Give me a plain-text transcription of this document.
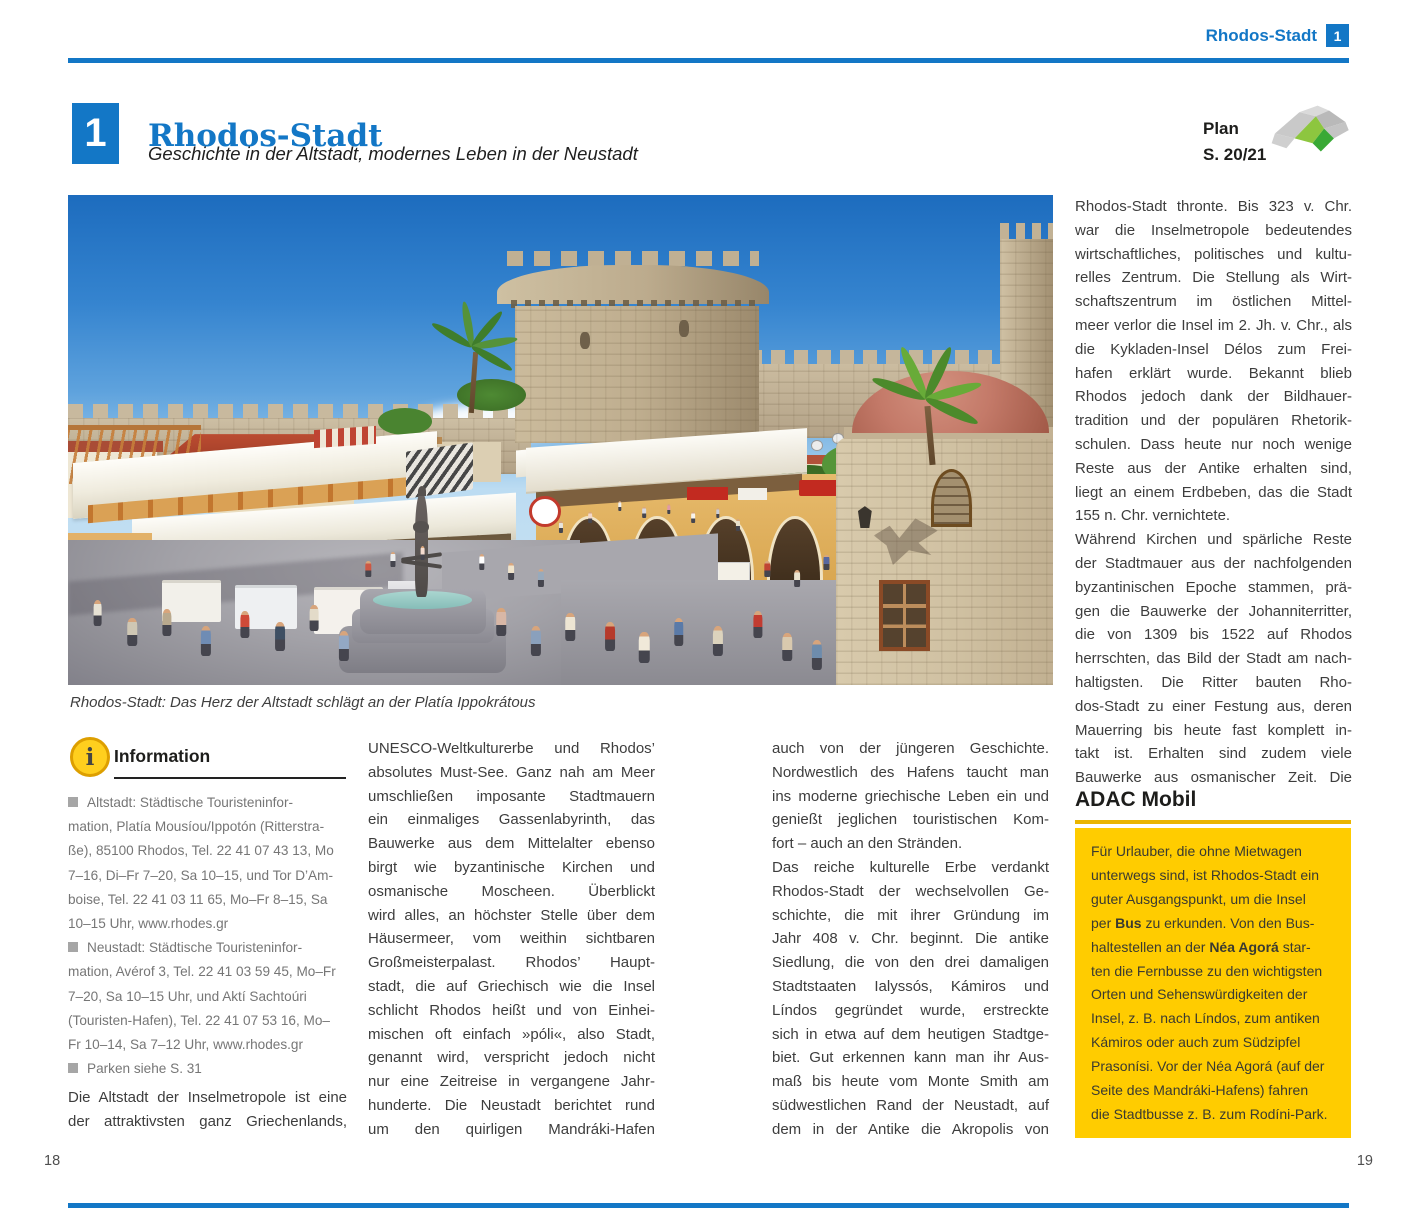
Rhodos-Stadt	1
1	Rhodos-Stadt
Geschichte in der Altstadt, modernes Leben in der Neustadt
Plan
S. 20/21
Rhodos-Stadt: Das Herz der Altstadt schlägt an der Platía Ippokrátous
i	Information
Altstadt: Städtische Touristeninfor-
mation, Platía Mousíou/Ippotón (Ritterstra-
ße), 85100 Rhodos, Tel. 22 41 07 43 13, Mo
7–16, Di–Fr 7–20, Sa 10–15, und Tor D’Am-
boise, Tel. 22 41 03 11 65, Mo–Fr 8–15, Sa
10–15 Uhr, www.rhodes.gr
Neustadt: Städtische Touristeninfor-
mation, Avérof 3, Tel. 22 41 03 59 45, Mo–Fr
7–20, Sa 10–15 Uhr, und Aktí Sachtoúri
(Touristen-Hafen), Tel. 22 41 07 53 16, Mo–
Fr 10–14, Sa 7–12 Uhr, www.rhodes.gr
Parken siehe S. 31
Die Altstadt der Inselmetropole ist eine
der attraktivsten ganz Griechenlands,
UNESCO-Weltkulturerbe und Rhodos’
absolutes Must-See. Ganz nah am Meer
umschließen imposante Stadtmauern
ein einmaliges Gassenlabyrinth, das
Bauwerke aus dem Mittelalter ebenso
birgt wie byzantinische Kirchen und
osmanische Moscheen. Überblickt
wird alles, an höchster Stelle über dem
Häusermeer, vom weithin sichtbaren
Großmeisterpalast. Rhodos’ Haupt-
stadt, die auf Griechisch wie die Insel
schlicht Rhodos heißt und von Einhei-
mischen oft einfach »póli«, also Stadt,
genannt wird, verspricht jedoch nicht
nur eine Zeitreise in vergangene Jahr-
hunderte. Die Neustadt berichtet rund
um den quirligen Mandráki-Hafen
auch von der jüngeren Geschichte.
Nordwestlich des Hafens taucht man
ins moderne griechische Leben ein und
genießt jeglichen touristischen Kom-
fort – auch an den Stränden.
Das reiche kulturelle Erbe verdankt
Rhodos-Stadt der wechselvollen Ge-
schichte, die mit ihrer Gründung im
Jahr 408 v. Chr. beginnt. Die antike
Siedlung, die von den drei damaligen
Stadtstaaten Ialyssós, Kámiros und
Líndos gegründet wurde, erstreckte
sich in etwa auf dem heutigen Stadtge-
biet. Gut erkennen kann man ihr Aus-
maß bis heute vom Monte Smith am
südwestlichen Rand der Neustadt, auf
dem in der Antike die Akropolis von
Rhodos-Stadt thronte. Bis 323 v. Chr.
war die Inselmetropole bedeutendes
wirtschaftliches, politisches und kultu-
relles Zentrum. Die Stellung als Wirt-
schaftszentrum im östlichen Mittel-
meer verlor die Insel im 2. Jh. v. Chr., als
die Kykladen-Insel Délos zum Frei-
hafen erklärt wurde. Bekannt blieb
Rhodos jedoch dank der Bildhauer-
tradition und der populären Rhetorik-
schulen. Dass heute nur noch wenige
Reste aus der Antike erhalten sind,
liegt an einem Erdbeben, das die Stadt
155 n. Chr. vernichtete.
Während Kirchen und spärliche Reste
der Stadtmauer aus der nachfolgenden
byzantinischen Epoche stammen, prä-
gen die Bauwerke der Johanniterritter,
die von 1309 bis 1522 auf Rhodos
herrschten, das Bild der Stadt am nach-
haltigsten. Die Ritter bauten Rho-
dos-Stadt zu einer Festung aus, deren
Mauerring bis heute fast komplett in-
takt ist. Erhalten sind zudem viele
Bauwerke aus osmanischer Zeit. Die
ADAC Mobil
Für Urlauber, die ohne Mietwagen
unterwegs sind, ist Rhodos-Stadt ein
guter Ausgangspunkt, um die Insel
per Bus zu erkunden. Von den Bus-
haltestellen an der Néa Agorá star-
ten die Fernbusse zu den wichtigsten
Orten und Sehenswürdigkeiten der
Insel, z. B. nach Líndos, zum antiken
Kámiros oder auch zum Südzipfel
Prasonísi. Vor der Néa Agorá (auf der
Seite des Mandráki-Hafens) fahren
die Stadtbusse z. B. zum Rodíni-Park.
18	19
